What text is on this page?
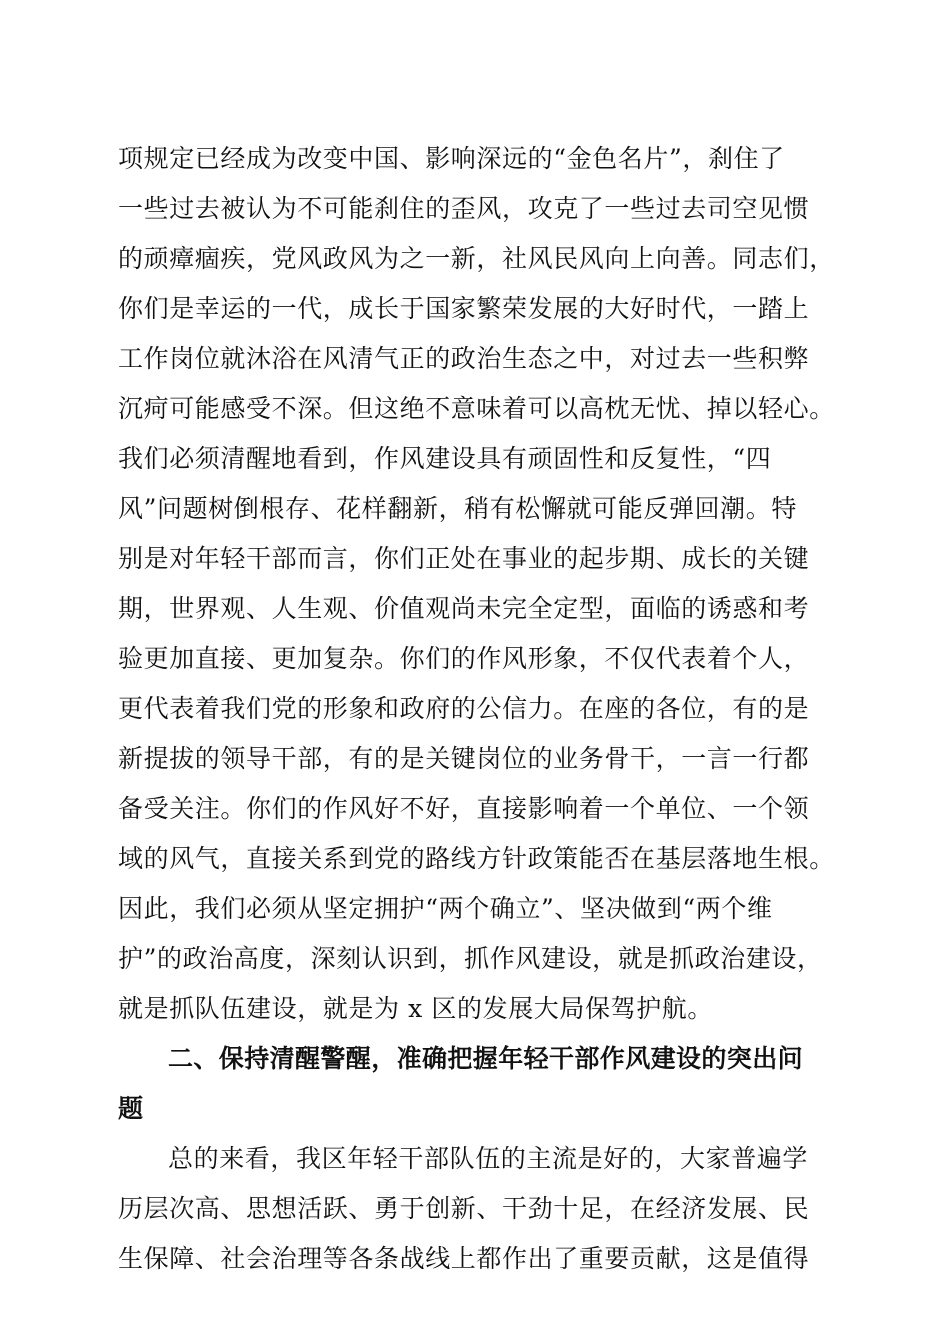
项规定已经成为改变中国、影响深远的“金色名片”，刹住了
一些过去被认为不可能刹住的歪风，攻克了一些过去司空见惯
的顽瘴痼疾，党风政风为之一新，社风民风向上向善。同志们，
你们是幸运的一代，成长于国家繁荣发展的大好时代，一踏上
工作岗位就沐浴在风清气正的政治生态之中，对过去一些积弊
沉疴可能感受不深。但这绝不意味着可以高枕无忧、掉以轻心。
我们必须清醒地看到，作风建设具有顽固性和反复性，“四
风”问题树倒根存、花样翻新，稍有松懈就可能反弹回潮。特
别是对年轻干部而言，你们正处在事业的起步期、成长的关键
期，世界观、人生观、价值观尚未完全定型，面临的诱惑和考
验更加直接、更加复杂。你们的作风形象，不仅代表着个人，
更代表着我们党的形象和政府的公信力。在座的各位，有的是
新提拔的领导干部，有的是关键岗位的业务骨干，一言一行都
备受关注。你们的作风好不好，直接影响着一个单位、一个领
域的风气，直接关系到党的路线方针政策能否在基层落地生根。
因此，我们必须从坚定拥护“两个确立”、坚决做到“两个维
护”的政治高度，深刻认识到，抓作风建设，就是抓政治建设，
就是抓队伍建设，就是为 x 区的发展大局保驾护航。
二、保持清醒警醒，准确把握年轻干部作风建设的突出问
题
总的来看，我区年轻干部队伍的主流是好的，大家普遍学
历层次高、思想活跃、勇于创新、干劲十足，在经济发展、民
生保障、社会治理等各条战线上都作出了重要贡献，这是值得
